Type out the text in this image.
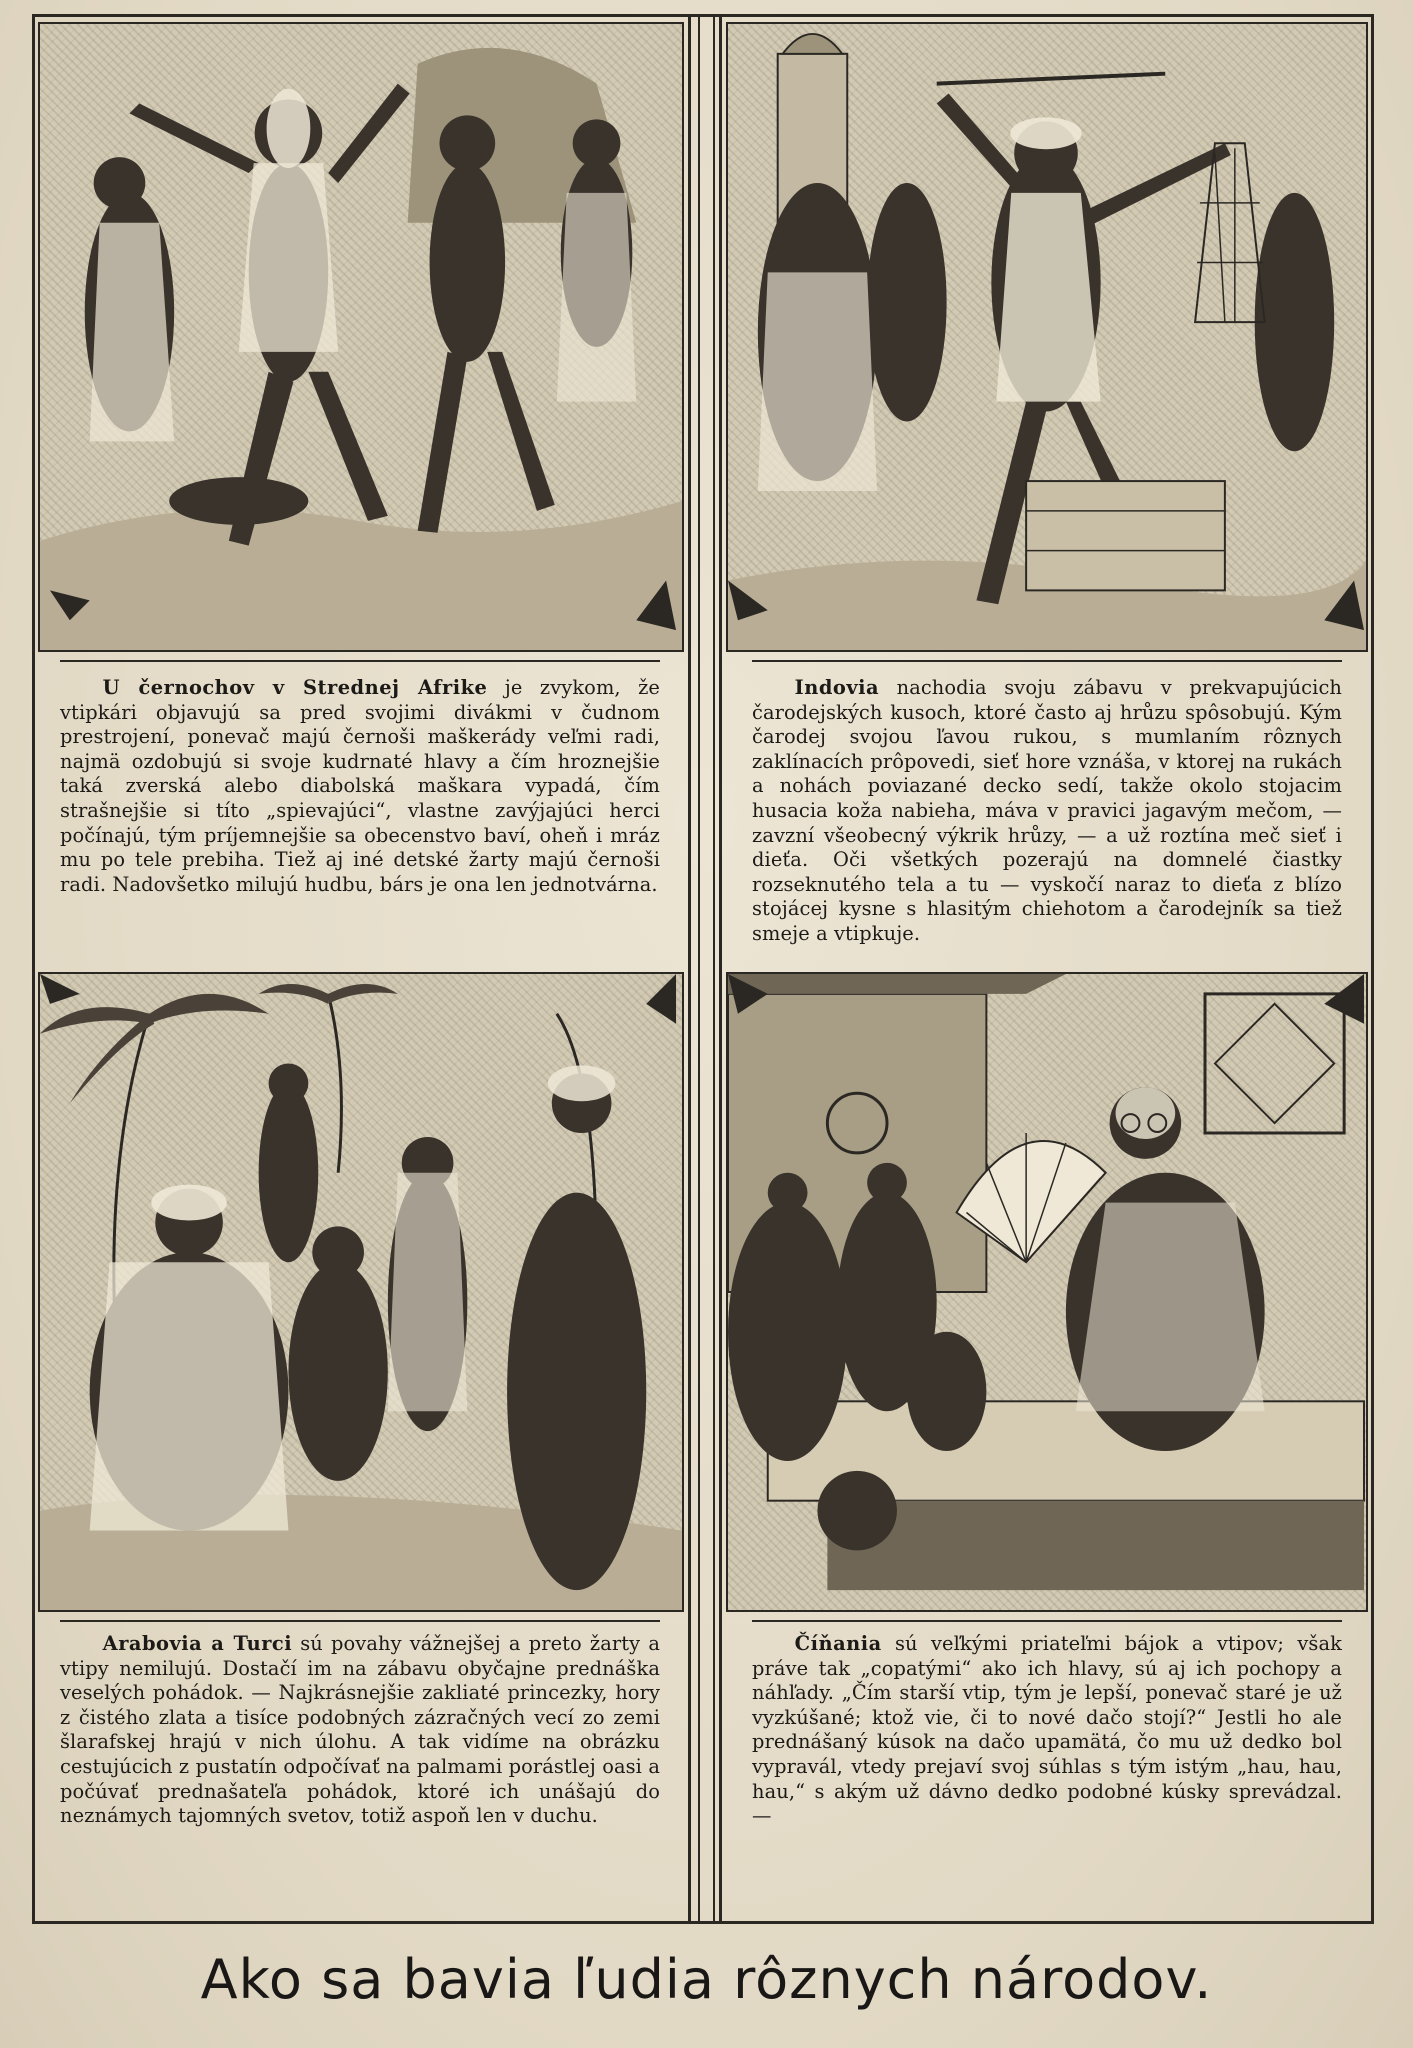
U černochov v Strednej Afrike je zvykom, že vtipkári objavujú sa pred svojimi divákmi v čudnom prestrojení, ponevač majú černoši maškerády veľmi radi, najmä ozdobujú si svoje kudrnaté hlavy a čím hroznejšie taká zverská alebo diabolská maškara vypadá, čím strašnejšie si títo „spievajúci“, vlastne zavýjajúci herci počínajú, tým príjemnejšie sa obecenstvo baví, oheň i mráz mu po tele prebiha. Tiež aj iné detské žarty majú černoši radi. Nadovšetko milujú hudbu, bárs je ona len jednotvárna.

Indovia nachodia svoju zábavu v prekvapujúcich čarodejských kusoch, ktoré často aj hrůzu spôsobujú. Kým čarodej svojou ľavou rukou, s mumlaním rôznych zaklínacích prôpovedi, sieť hore vznáša, v ktorej na rukách a nohách poviazané decko sedí, takže okolo stojacim husacia koža nabieha, máva v pravici jagavým mečom, — zavzní všeobecný výkrik hrůzy, — a už roztína meč sieť i dieťa. Oči všetkých pozerajú na domnelé čiastky rozseknutého tela a tu — vyskočí naraz to dieťa z blízo stojácej kysne s hlasitým chiehotom a čarodejník sa tiež smeje a vtipkuje.

Arabovia a Turci sú povahy vážnejšej a preto žarty a vtipy nemilujú. Dostačí im na zábavu obyčajne prednáška veselých pohádok. — Najkrásnejšie zakliaté princezky, hory z čistého zlata a tisíce podobných zázračných vecí zo zemi šlarafskej hrajú v nich úlohu. A tak vidíme na obrázku cestujúcich z pustatín odpočívať na palmami porástlej oasi a počúvať prednašateľa pohádok, ktoré ich unášajú do neznámych tajomných svetov, totiž aspoň len v duchu.

Číňania sú veľkými priateľmi bájok a vtipov; však práve tak „copatými“ ako ich hlavy, sú aj ich pochopy a náhľady. „Čím starší vtip, tým je lepší, ponevač staré je už vyzkúšané; ktož vie, či to nové dačo stojí?“ Jestli ho ale prednášaný kúsok na dačo upamätá, čo mu už dedko bol vypravál, vtedy prejaví svoj súhlas s tým istým „hau, hau, hau,“ s akým už dávno dedko podobné kúsky sprevádzal. —

Ako sa bavia ľudia rôznych národov.
